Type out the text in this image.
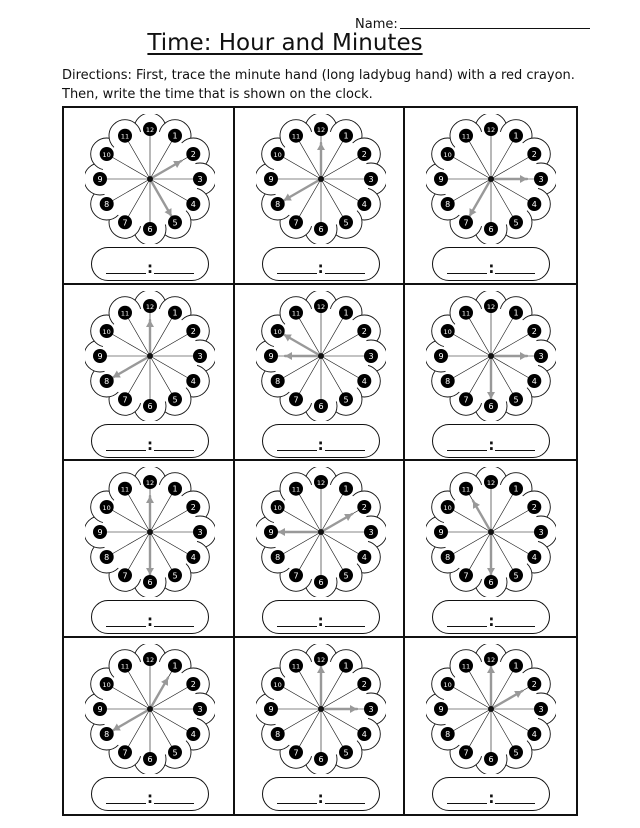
Name:
Time: Hour and Minutes
Directions: First, trace the minute hand (long ladybug hand) with a red crayon. Then, write the time that is shown on the clock.
12
1
2
3
4
5
6
7
8
9
10
11
:
12
1
2
3
4
5
6
7
8
9
10
11
:
12
1
2
3
4
5
6
7
8
9
10
11
:
12
1
2
3
4
5
6
7
8
9
10
11
:
12
1
2
3
4
5
6
7
8
9
10
11
:
12
1
2
3
4
5
6
7
8
9
10
11
:
12
1
2
3
4
5
6
7
8
9
10
11
:
12
1
2
3
4
5
6
7
8
9
10
11
:
12
1
2
3
4
5
6
7
8
9
10
11
:
12
1
2
3
4
5
6
7
8
9
10
11
:
12
1
2
3
4
5
6
7
8
9
10
11
:
12
1
2
3
4
5
6
7
8
9
10
11
:
